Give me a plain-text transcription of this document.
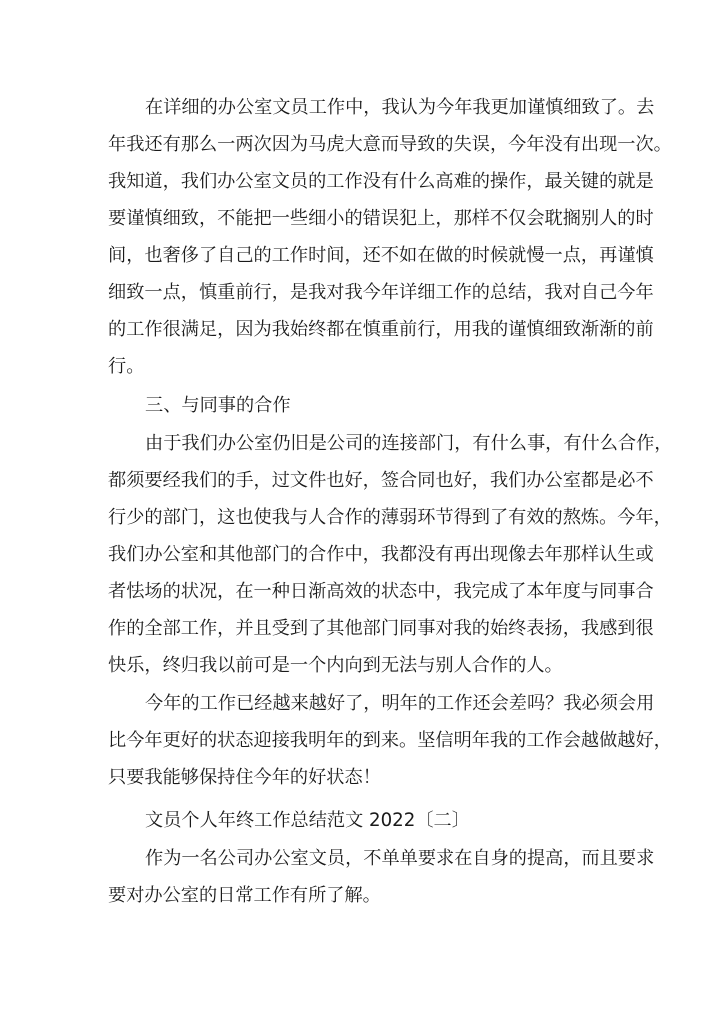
在详细的办公室文员工作中，我认为今年我更加谨慎细致了。去
年我还有那么一两次因为马虎大意而导致的失误，今年没有出现一次。
我知道，我们办公室文员的工作没有什么高难的操作，最关键的就是
要谨慎细致，不能把一些细小的错误犯上，那样不仅会耽搁别人的时
间，也奢侈了自己的工作时间，还不如在做的时候就慢一点，再谨慎
细致一点，慎重前行，是我对我今年详细工作的总结，我对自己今年
的工作很满足，因为我始终都在慎重前行，用我的谨慎细致渐渐的前
行。
三、与同事的合作
由于我们办公室仍旧是公司的连接部门，有什么事，有什么合作，
都须要经我们的手，过文件也好，签合同也好，我们办公室都是必不
行少的部门，这也使我与人合作的薄弱环节得到了有效的熬炼。今年，
我们办公室和其他部门的合作中，我都没有再出现像去年那样认生或
者怯场的状况，在一种日渐高效的状态中，我完成了本年度与同事合
作的全部工作，并且受到了其他部门同事对我的始终表扬，我感到很
快乐，终归我以前可是一个内向到无法与别人合作的人。
今年的工作已经越来越好了，明年的工作还会差吗？我必须会用
比今年更好的状态迎接我明年的到来。坚信明年我的工作会越做越好，
只要我能够保持住今年的好状态！
文员个人年终工作总结范文 2022〔二〕
作为一名公司办公室文员，不单单要求在自身的提高，而且要求
要对办公室的日常工作有所了解。
